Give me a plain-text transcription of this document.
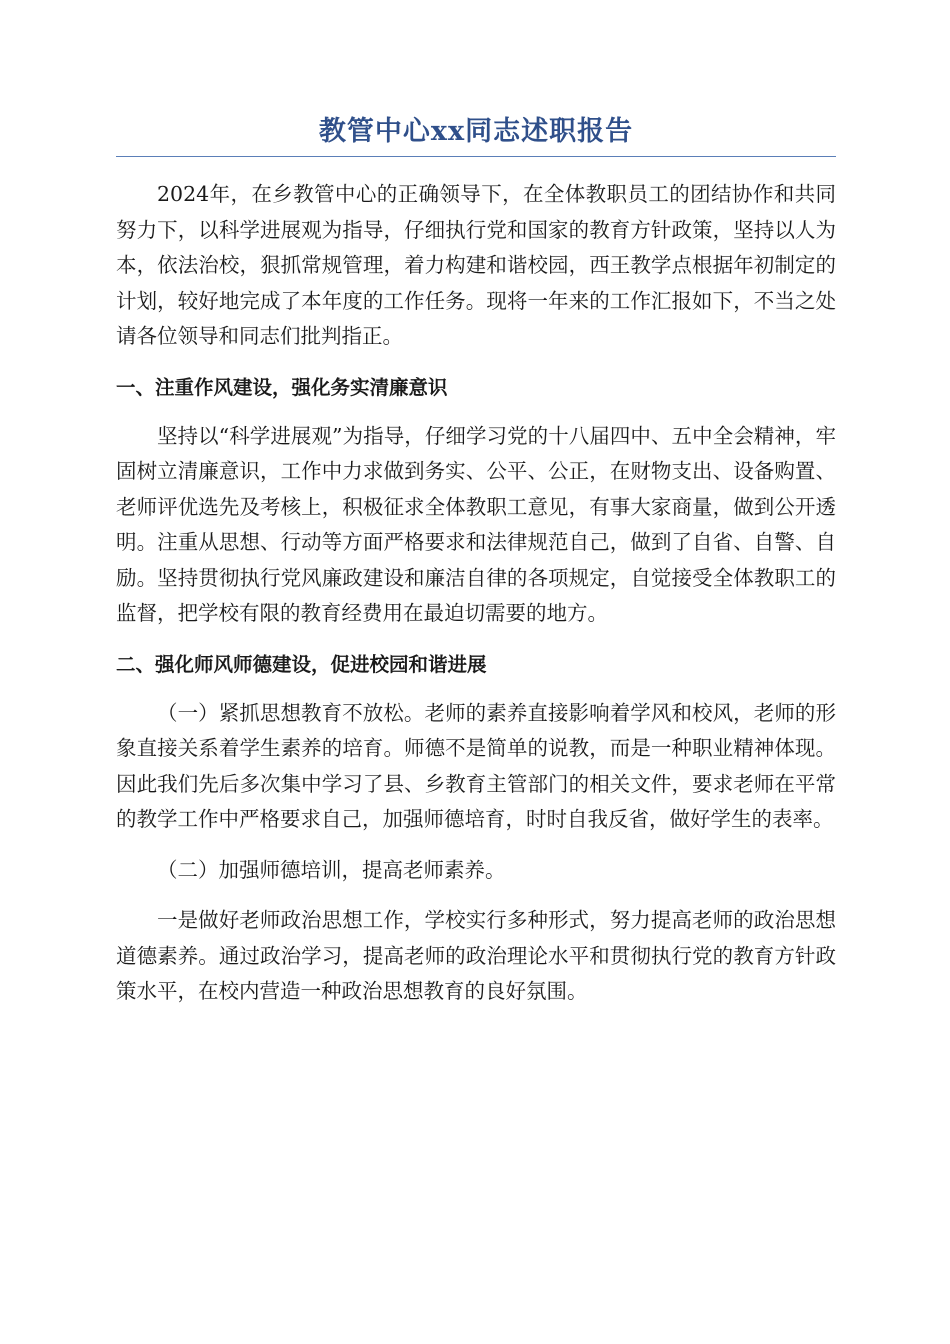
教管中心xx同志述职报告

2024年，在乡教管中心的正确领导下，在全体教职员工的团结协作和共同努力下，以科学进展观为指导，仔细执行党和国家的教育方针政策，坚持以人为本，依法治校，狠抓常规管理，着力构建和谐校园，西王教学点根据年初制定的计划，较好地完成了本年度的工作任务。现将一年来的工作汇报如下，不当之处请各位领导和同志们批判指正。

一、注重作风建设，强化务实清廉意识

坚持以“科学进展观”为指导，仔细学习党的十八届四中、五中全会精神，牢固树立清廉意识，工作中力求做到务实、公平、公正，在财物支出、设备购置、老师评优选先及考核上，积极征求全体教职工意见，有事大家商量，做到公开透明。注重从思想、行动等方面严格要求和法律规范自己，做到了自省、自警、自励。坚持贯彻执行党风廉政建设和廉洁自律的各项规定，自觉接受全体教职工的监督，把学校有限的教育经费用在最迫切需要的地方。

二、强化师风师德建设，促进校园和谐进展

（一）紧抓思想教育不放松。老师的素养直接影响着学风和校风，老师的形象直接关系着学生素养的培育。师德不是简单的说教，而是一种职业精神体现。因此我们先后多次集中学习了县、乡教育主管部门的相关文件，要求老师在平常的教学工作中严格要求自己，加强师德培育，时时自我反省，做好学生的表率。

（二）加强师德培训，提高老师素养。

一是做好老师政治思想工作，学校实行多种形式，努力提高老师的政治思想道德素养。通过政治学习，提高老师的政治理论水平和贯彻执行党的教育方针政策水平，在校内营造一种政治思想教育的良好氛围。
